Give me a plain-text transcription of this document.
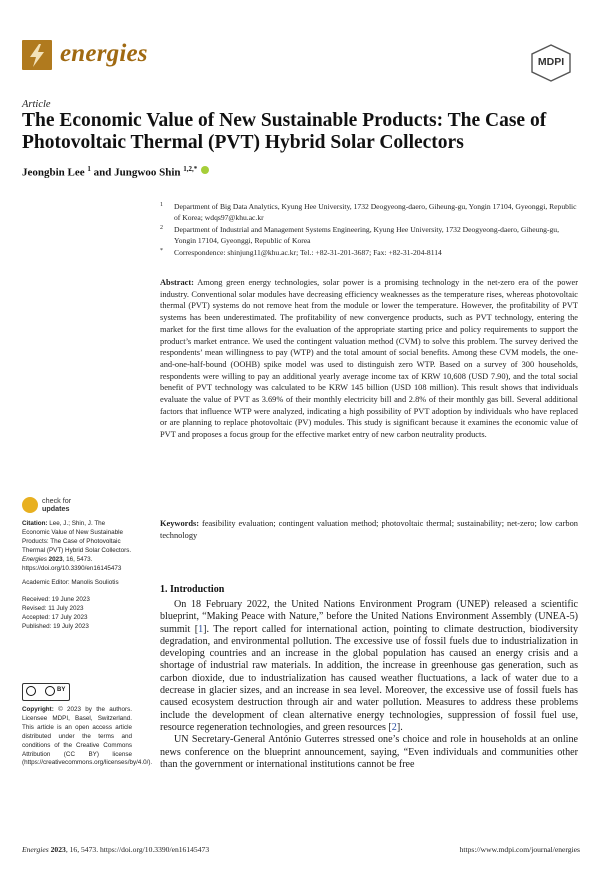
energies	MDPI
Article
The Economic Value of New Sustainable Products: The Case of Photovoltaic Thermal (PVT) Hybrid Solar Collectors
Jeongbin Lee $^1$ and Jungwoo Shin $^{1,2,*}$
1 Department of Big Data Analytics, Kyung Hee University, 1732 Deogyeong-daero, Giheung-gu, Yongin 17104, Gyeonggi, Republic of Korea; wdqs97@khu.ac.kr
2 Department of Industrial and Management Systems Engineering, Kyung Hee University, 1732 Deogyeong-daero, Giheung-gu, Yongin 17104, Gyeonggi, Republic of Korea
* Correspondence: shinjung11@khu.ac.kr; Tel.: +82-31-201-3687; Fax: +82-31-204-8114
Abstract: Among green energy technologies, solar power is a promising technology in the net-zero era of the power industry. Conventional solar modules have decreasing efficiency weaknesses as the temperature rises, whereas photovoltaic thermal (PVT) systems do not remove heat from the module or lower the temperature. However, the profitability of PVT systems has been underestimated. The profitability of new convergence products, such as PVT technology, entering the market for the first time allows for the evaluation of the appropriate starting price and policy requirements to support the product’s market entrance. We used the contingent valuation method (CVM) to solve this problem. The survey derived the respondents’ mean willingness to pay (WTP) and the total amount of social benefits. Among these CVM models, the one-and-one-half-bound (OOHB) spike model was used to distinguish zero WTP. Based on a survey of 300 households, respondents were willing to pay an additional yearly average income tax of KRW 10,608 (USD 7.90), and the total social benefit of PVT technology was calculated to be KRW 145 billion (USD 108 million). This result shows that individuals evaluate the value of PVT as 3.69% of their monthly electricity bill and 2.8% of their monthly gas bill. Several additional factors that influence WTP were analyzed, indicating a high possibility of PVT adoption by individuals who have replaced or are planning to replace photovoltaic (PV) modules. This study is significant because it examines the economic value of PVT and proposes a focus group for the effective market entry of new carbon neutrality products.
Keywords: feasibility evaluation; contingent valuation method; photovoltaic thermal; sustainability; net-zero; low carbon technology
check for
updates

Citation: Lee, J.; Shin, J. The Economic Value of New Sustainable Products: The Case of Photovoltaic Thermal (PVT) Hybrid Solar Collectors. Energies 2023, 16, 5473. https://doi.org/10.3390/en16145473

Academic Editor: Manolis Souliotis

Received: 19 June 2023
Revised: 11 July 2023
Accepted: 17 July 2023
Published: 19 July 2023

BY
Copyright: © 2023 by the authors. Licensee MDPI, Basel, Switzerland. This article is an open access article distributed under the terms and conditions of the Creative Commons Attribution (CC BY) license (https://creativecommons.org/licenses/by/4.0/).
1. Introduction

On 18 February 2022, the United Nations Environment Program (UNEP) released a scientific blueprint, “Making Peace with Nature,” before the United Nations Environment Assembly (UNEA-5) summit [1]. The report called for international action, pointing to climate destruction, biodiversity degradation, and environmental pollution. The excessive use of fossil fuels due to industrialization in developing countries and an increase in the global population has caused an energy crisis and a shortage of industrial raw materials. In addition, the increase in greenhouse gas generation, such as carbon dioxide, due to industrialization has caused weather fluctuations, a lack of water due to a decrease in glacier sizes, and an increase in sea level. Moreover, the excessive use of fossil fuels has caused ecosystem destruction through air and water pollution. Measures to address these problems include the development of clean alternative energy technologies, suppression of fossil fuel use, resource regeneration technologies, and green resources [2].

UN Secretary-General António Guterres stressed one’s choice and role in households at an online news conference on the blueprint announcement, saying, “Even individuals and communities other than the government or international institutions cannot be free

Energies 2023, 16, 5473. https://doi.org/10.3390/en16145473	https://www.mdpi.com/journal/energies
